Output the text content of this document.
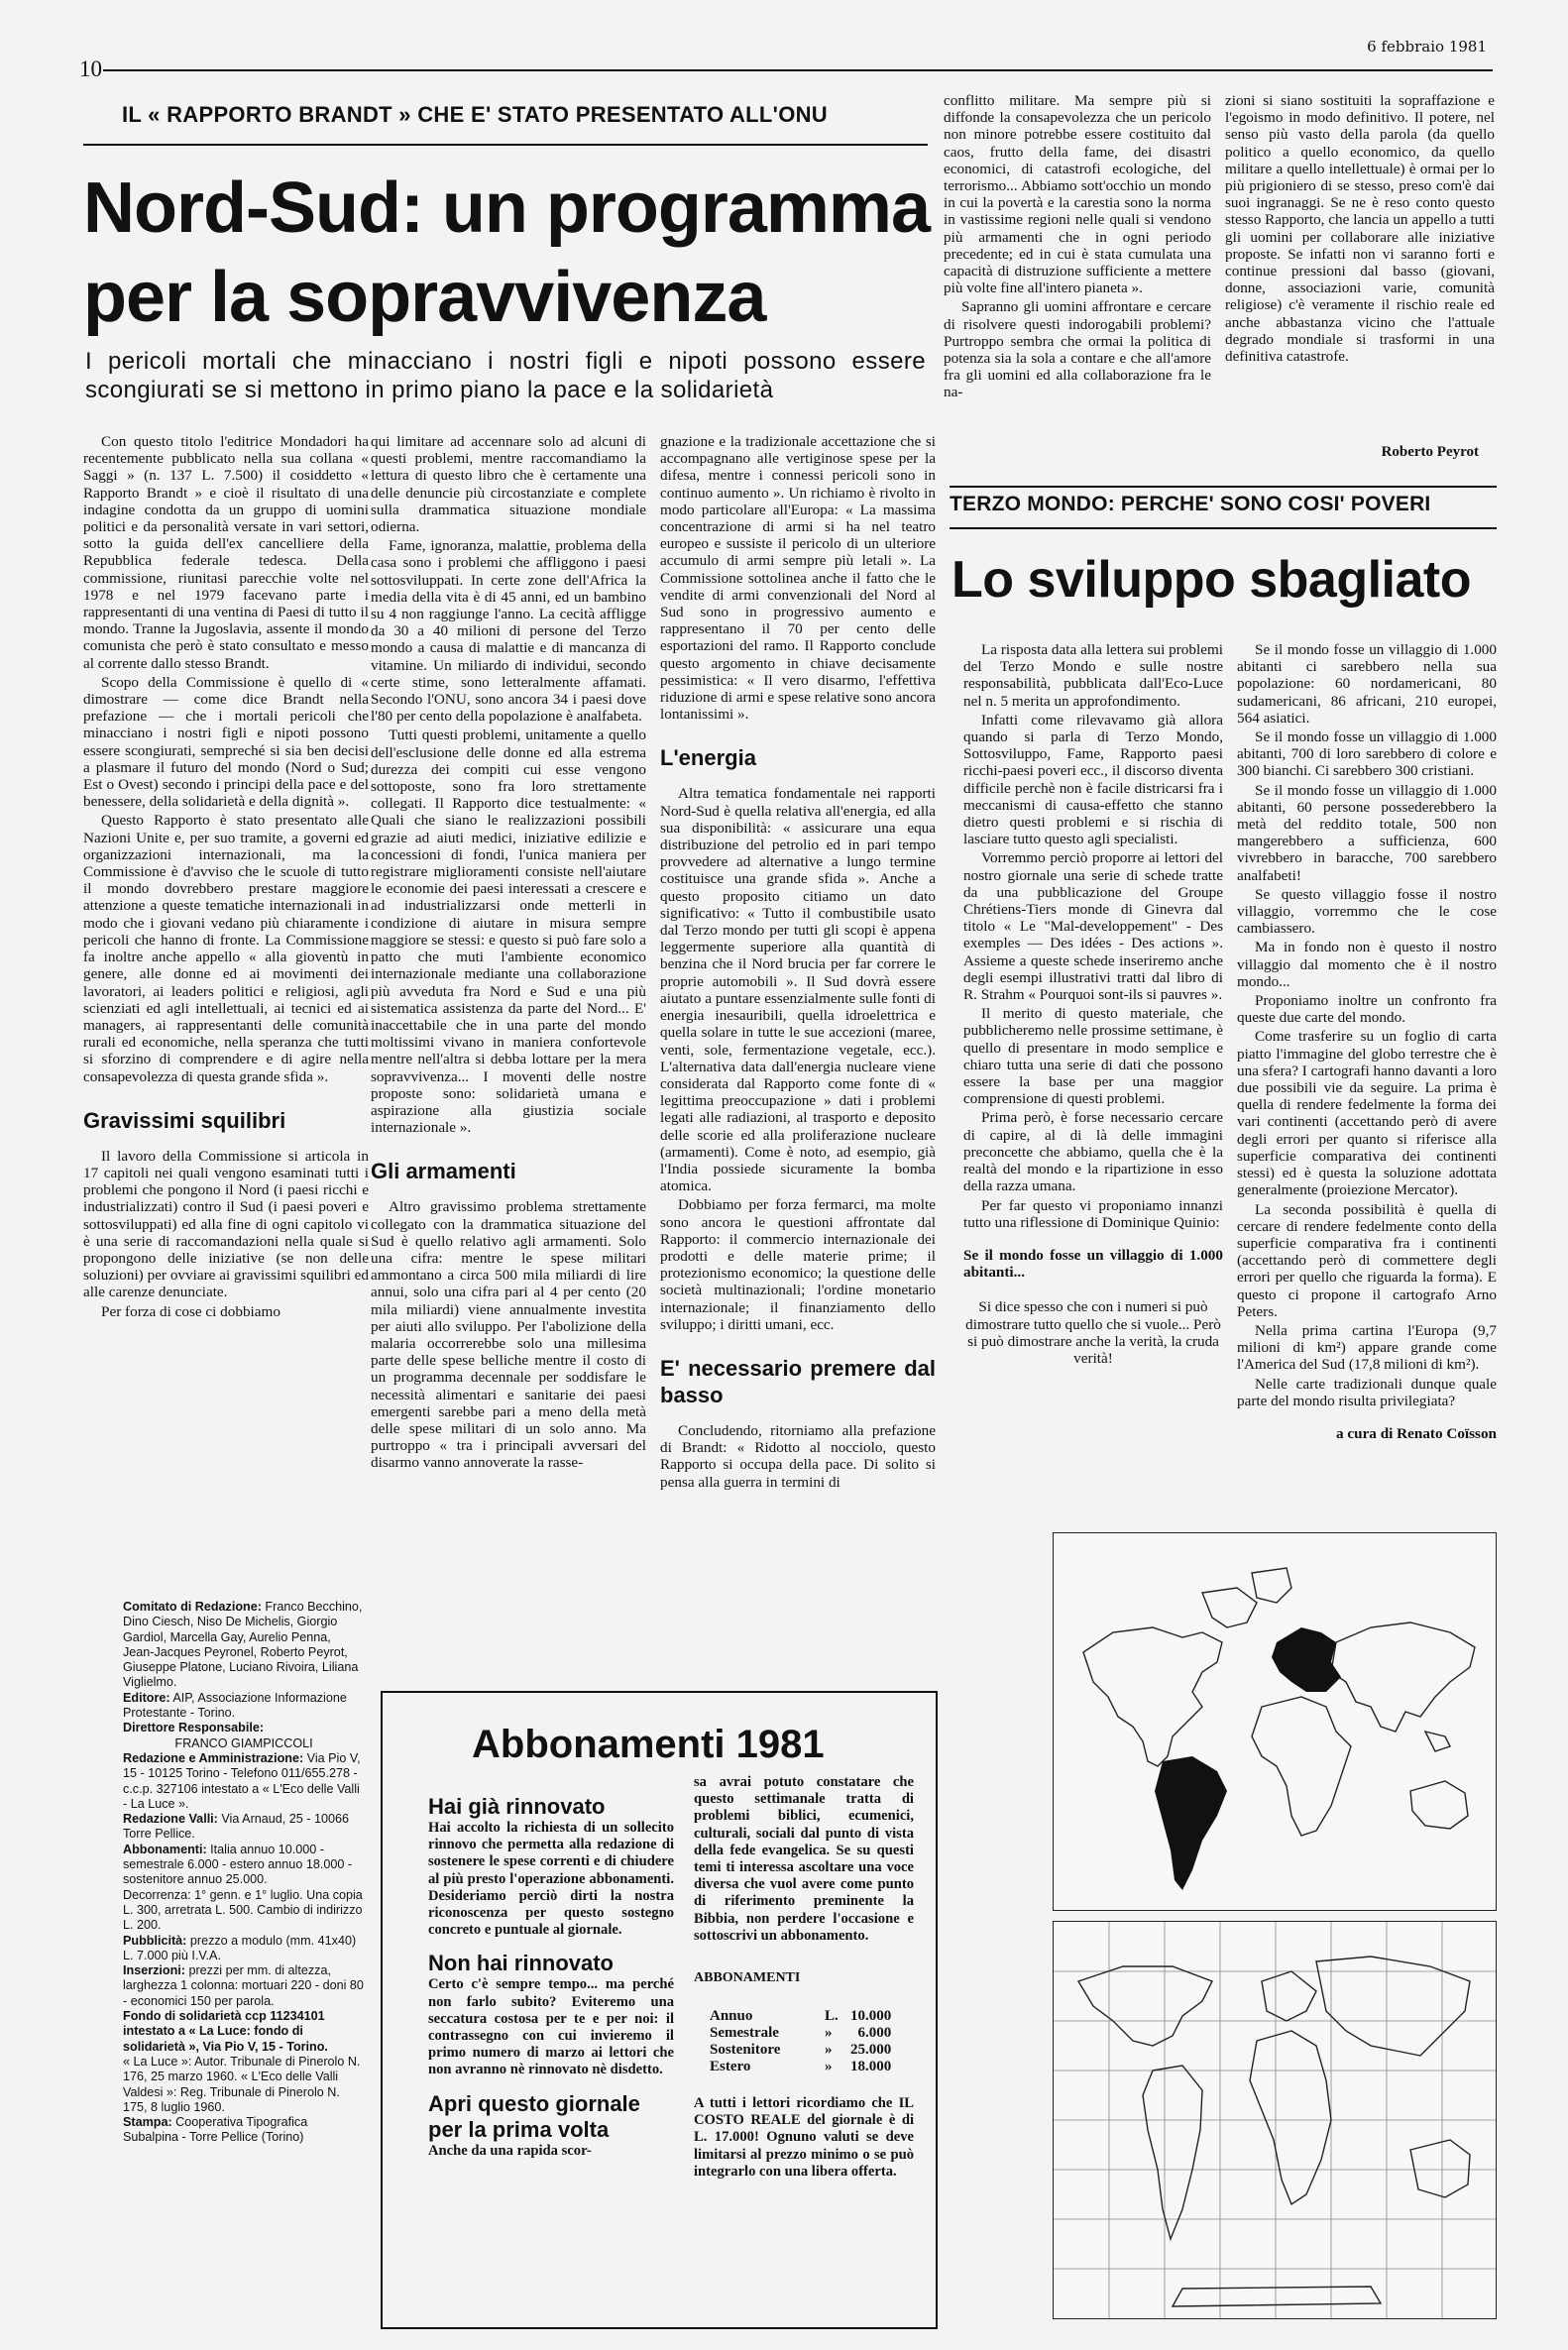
10
6 febbraio 1981
IL « RAPPORTO BRANDT » CHE E' STATO PRESENTATO ALL'ONU
Nord-Sud: un programma
per la sopravvivenza
I pericoli mortali che minacciano i nostri figli e nipoti possono essere scongiurati se si mettono in primo piano la pace e la solidarietà

Con questo titolo l'editrice Mondadori ha recentemente pubblicato nella sua collana « Saggi » (n. 137 L. 7.500) il cosiddetto « Rapporto Brandt » e cioè il risultato di una indagine condotta da un gruppo di uomini politici e da personalità versate in vari settori, sotto la guida dell'ex cancelliere della Repubblica federale tedesca. Della commissione, riunitasi parecchie volte nel 1978 e nel 1979 facevano parte i rappresentanti di una ventina di Paesi di tutto il mondo. Tranne la Jugoslavia, assente il mondo comunista che però è stato consultato e messo al corrente dallo stesso Brandt.

Scopo della Commissione è quello di « dimostrare — come dice Brandt nella prefazione — che i mortali pericoli che minacciano i nostri figli e nipoti possono essere scongiurati, sempreché si sia ben decisi a plasmare il futuro del mondo (Nord o Sud; Est o Ovest) secondo i principi della pace e del benessere, della solidarietà e della dignità ».

Questo Rapporto è stato presentato alle Nazioni Unite e, per suo tramite, a governi ed organizzazioni internazionali, ma la Commissione è d'avviso che le scuole di tutto il mondo dovrebbero prestare maggiore attenzione a queste tematiche internazionali in modo che i giovani vedano più chiaramente i pericoli che hanno di fronte. La Commissione fa inoltre anche appello « alla gioventù in genere, alle donne ed ai movimenti dei lavoratori, ai leaders politici e religiosi, agli scienziati ed agli intellettuali, ai tecnici ed ai managers, ai rappresentanti delle comunità rurali ed economiche, nella speranza che tutti si sforzino di comprendere e di agire nella consapevolezza di questa grande sfida ».

Gravissimi squilibri

Il lavoro della Commissione si articola in 17 capitoli nei quali vengono esaminati tutti i problemi che pongono il Nord (i paesi ricchi e industrializzati) contro il Sud (i paesi poveri e sottosviluppati) ed alla fine di ogni capitolo vi è una serie di raccomandazioni nella quale si propongono delle iniziative (se non delle soluzioni) per ovviare ai gravissimi squilibri ed alle carenze denunciate.

Per forza di cose ci dobbiamo

Comitato di Redazione: Franco Becchino, Dino Ciesch, Niso De Michelis, Giorgio Gardiol, Marcella Gay, Aurelio Penna, Jean-Jacques Peyronel, Roberto Peyrot, Giuseppe Platone, Luciano Rivoira, Liliana Viglielmo.

Editore: AIP, Associazione Informazione Protestante - Torino.

Direttore Responsabile:

FRANCO GIAMPICCOLI

Redazione e Amministrazione: Via Pio V, 15 - 10125 Torino - Telefono 011/655.278 - c.c.p. 327106 intestato a « L'Eco delle Valli - La Luce ».

Redazione Valli: Via Arnaud, 25 - 10066 Torre Pellice.

Abbonamenti: Italia annuo 10.000 - semestrale 6.000 - estero annuo 18.000 - sostenitore annuo 25.000.

Decorrenza: 1° genn. e 1° luglio. Una copia L. 300, arretrata L. 500. Cambio di indirizzo L. 200.

Pubblicità: prezzo a modulo (mm. 41x40) L. 7.000 più I.V.A.

Inserzioni: prezzi per mm. di altezza, larghezza 1 colonna: mortuari 220 - doni 80 - economici 150 per parola.

Fondo di solidarietà ccp 11234101 intestato a « La Luce: fondo di solidarietà », Via Pio V, 15 - Torino.

« La Luce »: Autor. Tribunale di Pinerolo N. 176, 25 marzo 1960. « L'Eco delle Valli Valdesi »: Reg. Tribunale di Pinerolo N. 175, 8 luglio 1960.

Stampa: Cooperativa Tipografica Subalpina - Torre Pellice (Torino)

qui limitare ad accennare solo ad alcuni di questi problemi, mentre raccomandiamo la lettura di questo libro che è certamente una delle denuncie più circostanziate e complete sulla drammatica situazione mondiale odierna.

Fame, ignoranza, malattie, problema della casa sono i problemi che affliggono i paesi sottosviluppati. In certe zone dell'Africa la media della vita è di 45 anni, ed un bambino su 4 non raggiunge l'anno. La cecità affligge da 30 a 40 milioni di persone del Terzo mondo a causa di malattie e di mancanza di vitamine. Un miliardo di individui, secondo certe stime, sono letteralmente affamati. Secondo l'ONU, sono ancora 34 i paesi dove l'80 per cento della popolazione è analfabeta.

Tutti questi problemi, unitamente a quello dell'esclusione delle donne ed alla estrema durezza dei compiti cui esse vengono sottoposte, sono fra loro strettamente collegati. Il Rapporto dice testualmente: « Quali che siano le realizzazioni possibili grazie ad aiuti medici, iniziative edilizie e concessioni di fondi, l'unica maniera per registrare miglioramenti consiste nell'aiutare le economie dei paesi interessati a crescere e ad industrializzarsi onde metterli in condizione di aiutare in misura sempre maggiore se stessi: e questo si può fare solo a patto che muti l'ambiente economico internazionale mediante una collaborazione più avveduta fra Nord e Sud e una più sistematica assistenza da parte del Nord... E' inaccettabile che in una parte del mondo moltissimi vivano in maniera confortevole mentre nell'altra si debba lottare per la mera sopravvivenza... I moventi delle nostre proposte sono: solidarietà umana e aspirazione alla giustizia sociale internazionale ».

Gli armamenti

Altro gravissimo problema strettamente collegato con la drammatica situazione del Sud è quello relativo agli armamenti. Solo una cifra: mentre le spese militari ammontano a circa 500 mila miliardi di lire annui, solo una cifra pari al 4 per cento (20 mila miliardi) viene annualmente investita per aiuti allo sviluppo. Per l'abolizione della malaria occorrerebbe solo una millesima parte delle spese belliche mentre il costo di un programma decennale per soddisfare le necessità alimentari e sanitarie dei paesi emergenti sarebbe pari a meno della metà delle spese militari di un solo anno. Ma purtroppo « tra i principali avversari del disarmo vanno annoverate la rasse-

gnazione e la tradizionale accettazione che si accompagnano alle vertiginose spese per la difesa, mentre i connessi pericoli sono in continuo aumento ». Un richiamo è rivolto in modo particolare all'Europa: « La massima concentrazione di armi si ha nel teatro europeo e sussiste il pericolo di un ulteriore accumulo di armi sempre più letali ». La Commissione sottolinea anche il fatto che le vendite di armi convenzionali del Nord al Sud sono in progressivo aumento e rappresentano il 70 per cento delle esportazioni del ramo. Il Rapporto conclude questo argomento in chiave decisamente pessimistica: « Il vero disarmo, l'effettiva riduzione di armi e spese relative sono ancora lontanissimi ».

L'energia

Altra tematica fondamentale nei rapporti Nord-Sud è quella relativa all'energia, ed alla sua disponibilità: « assicurare una equa distribuzione del petrolio ed in pari tempo provvedere ad alternative a lungo termine costituisce una grande sfida ». Anche a questo proposito citiamo un dato significativo: « Tutto il combustibile usato dal Terzo mondo per tutti gli scopi è appena leggermente superiore alla quantità di benzina che il Nord brucia per far correre le proprie automobili ». Il Sud dovrà essere aiutato a puntare essenzialmente sulle fonti di energia inesauribili, quella idroelettrica e quella solare in tutte le sue accezioni (maree, venti, sole, fermentazione vegetale, ecc.). L'alternativa data dall'energia nucleare viene considerata dal Rapporto come fonte di « legittima preoccupazione » dati i problemi legati alle radiazioni, al trasporto e deposito delle scorie ed alla proliferazione nucleare (armamenti). Come è noto, ad esempio, già l'India possiede sicuramente la bomba atomica.

Dobbiamo per forza fermarci, ma molte sono ancora le questioni affrontate dal Rapporto: il commercio internazionale dei prodotti e delle materie prime; il protezionismo economico; la questione delle società multinazionali; l'ordine monetario internazionale; il finanziamento dello sviluppo; i diritti umani, ecc.

E' necessario premere dal basso

Concludendo, ritorniamo alla prefazione di Brandt: « Ridotto al nocciolo, questo Rapporto si occupa della pace. Di solito si pensa alla guerra in termini di

conflitto militare. Ma sempre più si diffonde la consapevolezza che un pericolo non minore potrebbe essere costituito dal caos, frutto della fame, dei disastri economici, di catastrofi ecologiche, del terrorismo... Abbiamo sott'occhio un mondo in cui la povertà e la carestia sono la norma in vastissime regioni nelle quali si vendono più armamenti che in ogni periodo precedente; ed in cui è stata cumulata una capacità di distruzione sufficiente a mettere più volte fine all'intero pianeta ».

Sapranno gli uomini affrontare e cercare di risolvere questi indorogabili problemi? Purtroppo sembra che ormai la politica di potenza sia la sola a contare e che all'amore fra gli uomini ed alla collaborazione fra le na-

zioni si siano sostituiti la sopraffazione e l'egoismo in modo definitivo. Il potere, nel senso più vasto della parola (da quello politico a quello economico, da quello militare a quello intellettuale) è ormai per lo più prigioniero di se stesso, preso com'è dai suoi ingranaggi. Se ne è reso conto questo stesso Rapporto, che lancia un appello a tutti gli uomini per collaborare alle iniziative proposte. Se infatti non vi saranno forti e continue pressioni dal basso (giovani, donne, associazioni varie, comunità religiose) c'è veramente il rischio reale ed anche abbastanza vicino che l'attuale degrado mondiale si trasformi in una definitiva catastrofe.

Roberto Peyrot
TERZO MONDO: PERCHE' SONO COSI' POVERI
Lo sviluppo sbagliato

La risposta data alla lettera sui problemi del Terzo Mondo e sulle nostre responsabilità, pubblicata dall'Eco-Luce nel n. 5 merita un approfondimento.

Infatti come rilevavamo già allora quando si parla di Terzo Mondo, Sottosviluppo, Fame, Rapporto paesi ricchi-paesi poveri ecc., il discorso diventa difficile perchè non è facile districarsi fra i meccanismi di causa-effetto che stanno dietro questi problemi e si rischia di lasciare tutto questo agli specialisti.

Vorremmo perciò proporre ai lettori del nostro giornale una serie di schede tratte da una pubblicazione del Groupe Chrétiens-Tiers monde di Ginevra dal titolo « Le "Mal-developpement" - Des exemples — Des idées - Des actions ». Assieme a queste schede inseriremo anche degli esempi illustrativi tratti dal libro di R. Strahm « Pourquoi sont-ils si pauvres ».

Il merito di questo materiale, che pubblicheremo nelle prossime settimane, è quello di presentare in modo semplice e chiaro tutta una serie di dati che possono essere la base per una maggior comprensione di questi problemi.

Prima però, è forse necessario cercare di capire, al di là delle immagini preconcette che abbiamo, quella che è la realtà del mondo e la ripartizione in esso della razza umana.

Per far questo vi proponiamo innanzi tutto una riflessione di Dominique Quinio:

Se il mondo fosse un villaggio di 1.000 abitanti...

Si dice spesso che con i numeri si può dimostrare tutto quello che si vuole... Però si può dimostrare anche la verità, la cruda verità!

Se il mondo fosse un villaggio di 1.000 abitanti ci sarebbero nella sua popolazione: 60 nordamericani, 80 sudamericani, 86 africani, 210 europei, 564 asiatici.

Se il mondo fosse un villaggio di 1.000 abitanti, 700 di loro sarebbero di colore e 300 bianchi. Ci sarebbero 300 cristiani.

Se il mondo fosse un villaggio di 1.000 abitanti, 60 persone possederebbero la metà del reddito totale, 500 non mangerebbero a sufficienza, 600 vivrebbero in baracche, 700 sarebbero analfabeti!

Se questo villaggio fosse il nostro villaggio, vorremmo che le cose cambiassero.

Ma in fondo non è questo il nostro villaggio dal momento che è il nostro mondo...

Proponiamo inoltre un confronto fra queste due carte del mondo.

Come trasferire su un foglio di carta piatto l'immagine del globo terrestre che è una sfera? I cartografi hanno davanti a loro due possibili vie da seguire. La prima è quella di rendere fedelmente la forma dei vari continenti (accettando però di avere degli errori per quanto si riferisce alla superficie comparativa dei continenti stessi) ed è questa la soluzione adottata generalmente (proiezione Mercator).

La seconda possibilità è quella di cercare di rendere fedelmente conto della superficie comparativa fra i continenti (accettando però di commettere degli errori per quello che riguarda la forma). E questo ci propone il cartografo Arno Peters.

Nella prima cartina l'Europa (9,7 milioni di km²) appare grande come l'America del Sud (17,8 milioni di km²).

Nelle carte tradizionali dunque quale parte del mondo risulta privilegiata?

a cura di Renato Coïsson

Abbonamenti 1981
Hai già rinnovato
Hai accolto la richiesta di un sollecito rinnovo che permetta alla redazione di sostenere le spese correnti e di chiudere al più presto l'operazione abbonamenti. Desideriamo perciò dirti la nostra riconoscenza per questo sostegno concreto e puntuale al giornale.
Non hai rinnovato
Certo c'è sempre tempo... ma perché non farlo subito? Eviteremo una seccatura costosa per te e per noi: il contrassegno con cui invieremo il primo numero di marzo ai lettori che non avranno nè rinnovato nè disdetto.
Apri questo giornale per la prima volta
Anche da una rapida scor-
sa avrai potuto constatare che questo settimanale tratta di problemi biblici, ecumenici, culturali, sociali dal punto di vista della fede evangelica. Se su questi temi ti interessa ascoltare una voce diversa che vuol avere come punto di riferimento preminente la Bibbia, non perdere l'occasione e sottoscrivi un abbonamento.
ABBONAMENTI
Annuo	L.	10.000
Semestrale	»	6.000
Sostenitore	»	25.000
Estero	»	18.000
A tutti i lettori ricordiamo che IL COSTO REALE del giornale è di L. 17.000! Ognuno valuti se deve limitarsi al prezzo minimo o se può integrarlo con una libera offerta.
